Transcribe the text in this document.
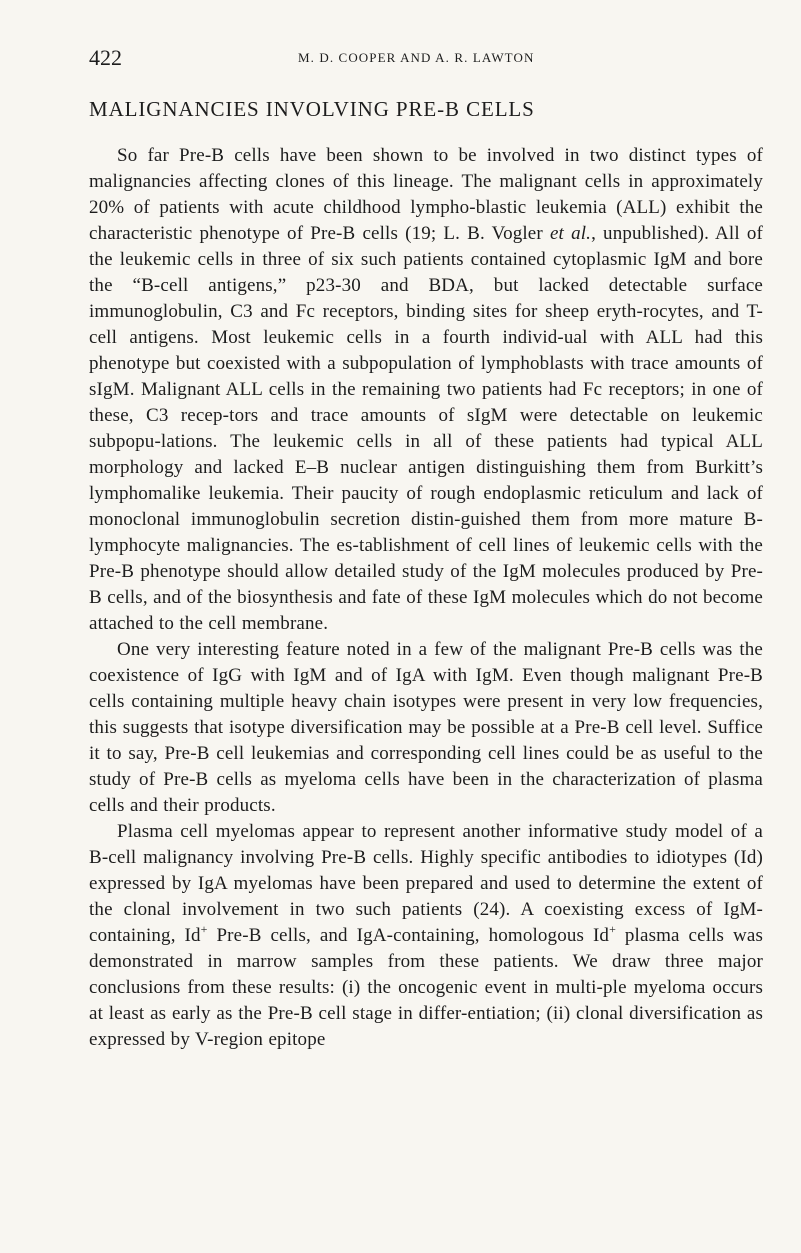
422	M. D. COOPER AND A. R. LAWTON
MALIGNANCIES INVOLVING PRE-B CELLS

So far Pre-B cells have been shown to be involved in two distinct types of malignancies affecting clones of this lineage. The malignant cells in approximately 20% of patients with acute childhood lympho-blastic leukemia (ALL) exhibit the characteristic phenotype of Pre-B cells (19; L. B. Vogler et al., unpublished). All of the leukemic cells in three of six such patients contained cytoplasmic IgM and bore the “B-cell antigens,” p23-30 and BDA, but lacked detectable surface immunoglobulin, C3 and Fc receptors, binding sites for sheep eryth-rocytes, and T-cell antigens. Most leukemic cells in a fourth individ-ual with ALL had this phenotype but coexisted with a subpopulation of lymphoblasts with trace amounts of sIgM. Malignant ALL cells in the remaining two patients had Fc receptors; in one of these, C3 recep-tors and trace amounts of sIgM were detectable on leukemic subpopu-lations. The leukemic cells in all of these patients had typical ALL morphology and lacked E–B nuclear antigen distinguishing them from Burkitt’s lymphomalike leukemia. Their paucity of rough endoplasmic reticulum and lack of monoclonal immunoglobulin secretion distin-guished them from more mature B-lymphocyte malignancies. The es-tablishment of cell lines of leukemic cells with the Pre-B phenotype should allow detailed study of the IgM molecules produced by Pre-B cells, and of the biosynthesis and fate of these IgM molecules which do not become attached to the cell membrane.

One very interesting feature noted in a few of the malignant Pre-B cells was the coexistence of IgG with IgM and of IgA with IgM. Even though malignant Pre-B cells containing multiple heavy chain isotypes were present in very low frequencies, this suggests that isotype diversification may be possible at a Pre-B cell level. Suffice it to say, Pre-B cell leukemias and corresponding cell lines could be as useful to the study of Pre-B cells as myeloma cells have been in the characterization of plasma cells and their products.

Plasma cell myelomas appear to represent another informative study model of a B-cell malignancy involving Pre-B cells. Highly specific antibodies to idiotypes (Id) expressed by IgA myelomas have been prepared and used to determine the extent of the clonal involvement in two such patients (24). A coexisting excess of IgM-containing, Id+ Pre-B cells, and IgA-containing, homologous Id+ plasma cells was demonstrated in marrow samples from these patients. We draw three major conclusions from these results: (i) the oncogenic event in multi-ple myeloma occurs at least as early as the Pre-B cell stage in differ-entiation; (ii) clonal diversification as expressed by V-region epitope
